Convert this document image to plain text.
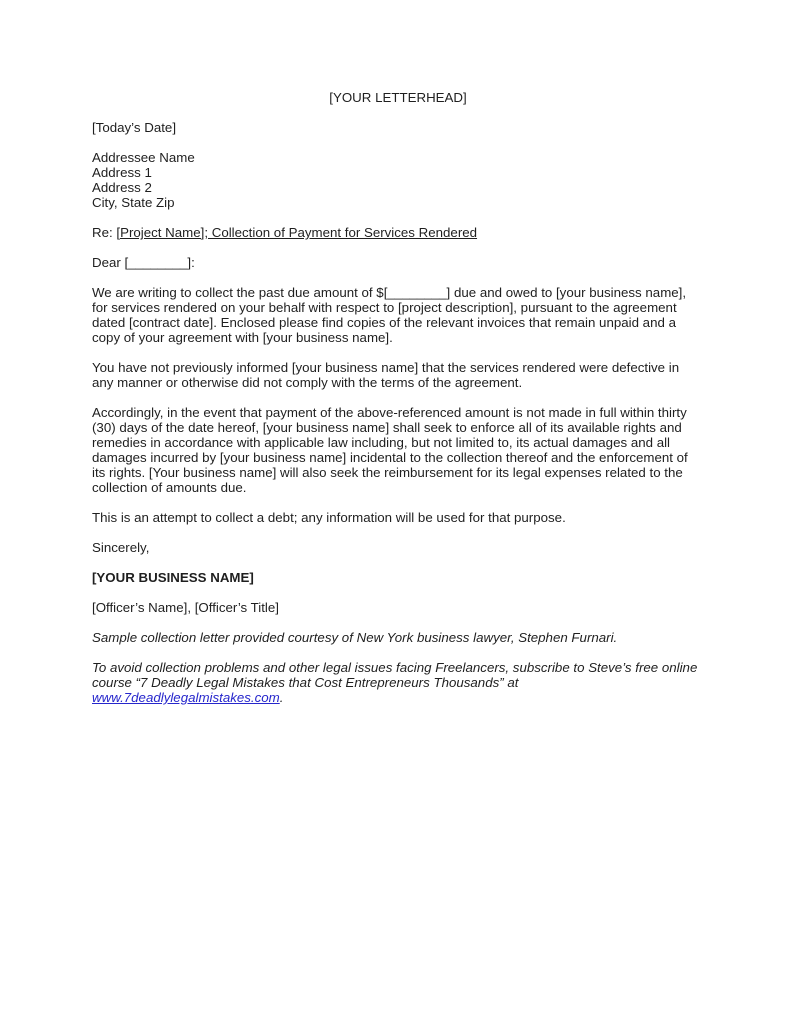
[YOUR LETTERHEAD]

[Today’s Date]

Addressee Name
Address 1
Address 2
City, State Zip

Re: [Project Name]; Collection of Payment for Services Rendered

Dear [________]:

We are writing to collect the past due amount of $[________] due and owed to [your business name], for services rendered on your behalf with respect to [project description], pursuant to the agreement dated [contract date]. Enclosed please find copies of the relevant invoices that remain unpaid and a copy of your agreement with [your business name].

You have not previously informed [your business name] that the services rendered were defective in any manner or otherwise did not comply with the terms of the agreement.

Accordingly, in the event that payment of the above-referenced amount is not made in full within thirty (30) days of the date hereof, [your business name] shall seek to enforce all of its available rights and remedies in accordance with applicable law including, but not limited to, its actual damages and all damages incurred by [your business name] incidental to the collection thereof and the enforcement of its rights. [Your business name] will also seek the reimbursement for its legal expenses related to the collection of amounts due.

This is an attempt to collect a debt; any information will be used for that purpose.

Sincerely,

[YOUR BUSINESS NAME]

[Officer’s Name], [Officer’s Title]

Sample collection letter provided courtesy of New York business lawyer, Stephen Furnari.

To avoid collection problems and other legal issues facing Freelancers, subscribe to Steve’s free online course “7 Deadly Legal Mistakes that Cost Entrepreneurs Thousands” at
www.7deadlylegalmistakes.com.
